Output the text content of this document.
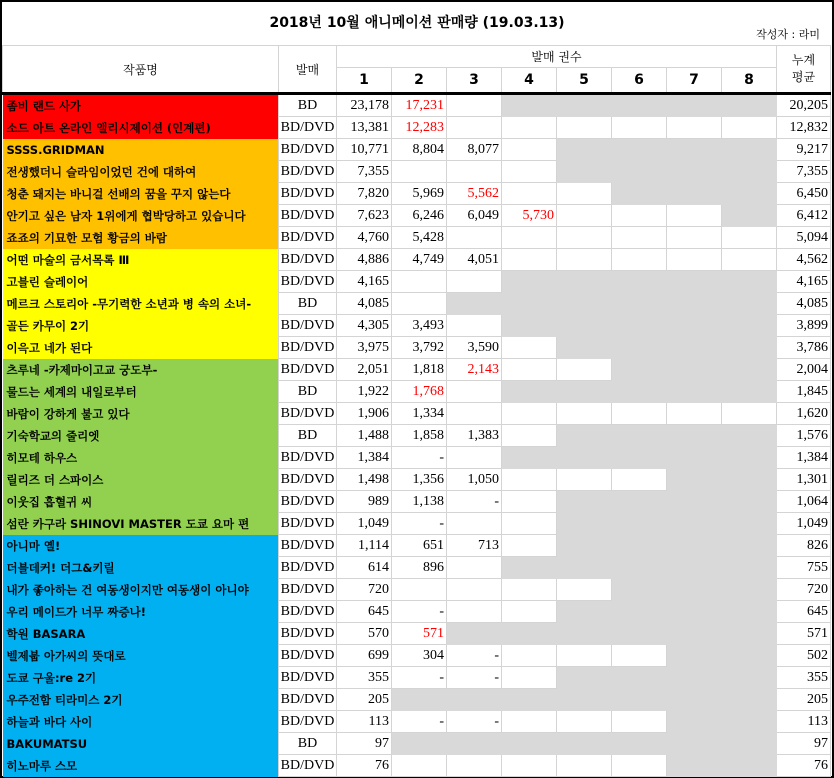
2018년 10월 애니메이션 판매량 (19.03.13)
작성자 : 라미
작품명	발매	발매 권수								누계
평균

		1	2	3	4	5	6	7	8	
좀비 랜드 사가	BD	23,178	17,231							20,205
소드 아트 온라인 앨리시제이션 (인계편)	BD/DVD	13,381	12,283							12,832
SSSS.GRIDMAN	BD/DVD	10,771	8,804	8,077						9,217
전생했더니 슬라임이었던 건에 대하여	BD/DVD	7,355								7,355
청춘 돼지는 바니걸 선배의 꿈을 꾸지 않는다	BD/DVD	7,820	5,969	5,562						6,450
안기고 싶은 남자 1위에게 협박당하고 있습니다	BD/DVD	7,623	6,246	6,049	5,730					6,412
죠죠의 기묘한 모험 황금의 바람	BD/DVD	4,760	5,428							5,094
어떤 마술의 금서목록 Ⅲ	BD/DVD	4,886	4,749	4,051						4,562
고블린 슬레이어	BD/DVD	4,165								4,165
메르크 스토리아 -무기력한 소년과 병 속의 소녀-	BD	4,085								4,085
골든 카무이 2기	BD/DVD	4,305	3,493							3,899
이윽고 네가 된다	BD/DVD	3,975	3,792	3,590						3,786
츠루네 -카제마이고교 궁도부-	BD/DVD	2,051	1,818	2,143						2,004
물드는 세계의 내일로부터	BD	1,922	1,768							1,845
바람이 강하게 불고 있다	BD/DVD	1,906	1,334							1,620
기숙학교의 줄리엣	BD	1,488	1,858	1,383						1,576
히모테 하우스	BD/DVD	1,384	-							1,384
릴리즈 더 스파이스	BD/DVD	1,498	1,356	1,050						1,301
이웃집 흡혈귀 씨	BD/DVD	989	1,138	-						1,064
섬란 카구라 SHINOVI MASTER 도쿄 요마 편	BD/DVD	1,049	-							1,049
아니마 옐!	BD/DVD	1,114	651	713						826
더블데커! 더그&키릴	BD/DVD	614	896							755
내가 좋아하는 건 여동생이지만 여동생이 아니야	BD/DVD	720								720
우리 메이드가 너무 짜증나!	BD/DVD	645	-							645
학원 BASARA	BD/DVD	570	571							571
벨제붑 아가씨의 뜻대로	BD/DVD	699	304	-						502
도쿄 구울:re 2기	BD/DVD	355	-	-						355
우주전함 티라미스 2기	BD/DVD	205								205
하늘과 바다 사이	BD/DVD	113	-	-						113
BAKUMATSU	BD	97								97
히노마루 스모	BD/DVD	76								76
